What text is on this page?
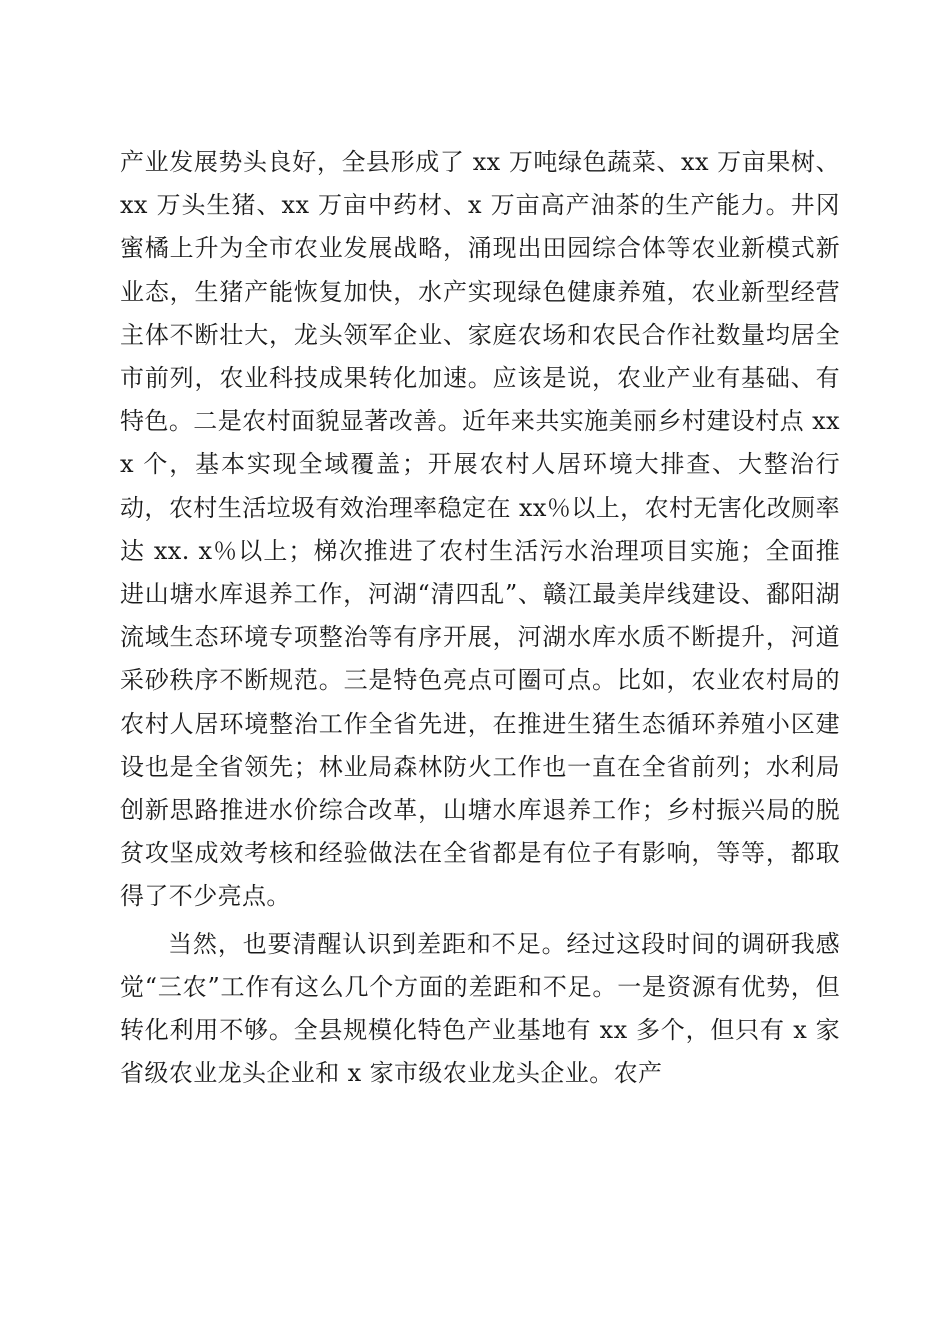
产业发展势头良好，全县形成了 xx 万吨绿色蔬菜、xx 万亩果树、xx 万头生猪、xx 万亩中药材、x 万亩高产油茶的生产能力。井冈蜜橘上升为全市农业发展战略，涌现出田园综合体等农业新模式新业态，生猪产能恢复加快，水产实现绿色健康养殖，农业新型经营主体不断壮大，龙头领军企业、家庭农场和农民合作社数量均居全市前列，农业科技成果转化加速。应该是说，农业产业有基础、有特色。二是农村面貌显著改善。近年来共实施美丽乡村建设村点 xxx 个，基本实现全域覆盖；开展农村人居环境大排查、大整治行动，农村生活垃圾有效治理率稳定在 xx％以上，农村无害化改厕率达 xx. x％以上；梯次推进了农村生活污水治理项目实施；全面推进山塘水库退养工作，河湖“清四乱”、赣江最美岸线建设、鄱阳湖流域生态环境专项整治等有序开展，河湖水库水质不断提升，河道采砂秩序不断规范。三是特色亮点可圈可点。比如，农业农村局的农村人居环境整治工作全省先进，在推进生猪生态循环养殖小区建设也是全省领先；林业局森林防火工作也一直在全省前列；水利局创新思路推进水价综合改革，山塘水库退养工作；乡村振兴局的脱贫攻坚成效考核和经验做法在全省都是有位子有影响，等等，都取得了不少亮点。

当然，也要清醒认识到差距和不足。经过这段时间的调研我感觉“三农”工作有这么几个方面的差距和不足。一是资源有优势，但转化利用不够。全县规模化特色产业基地有 xx 多个，但只有 x 家省级农业龙头企业和 x 家市级农业龙头企业。农产
